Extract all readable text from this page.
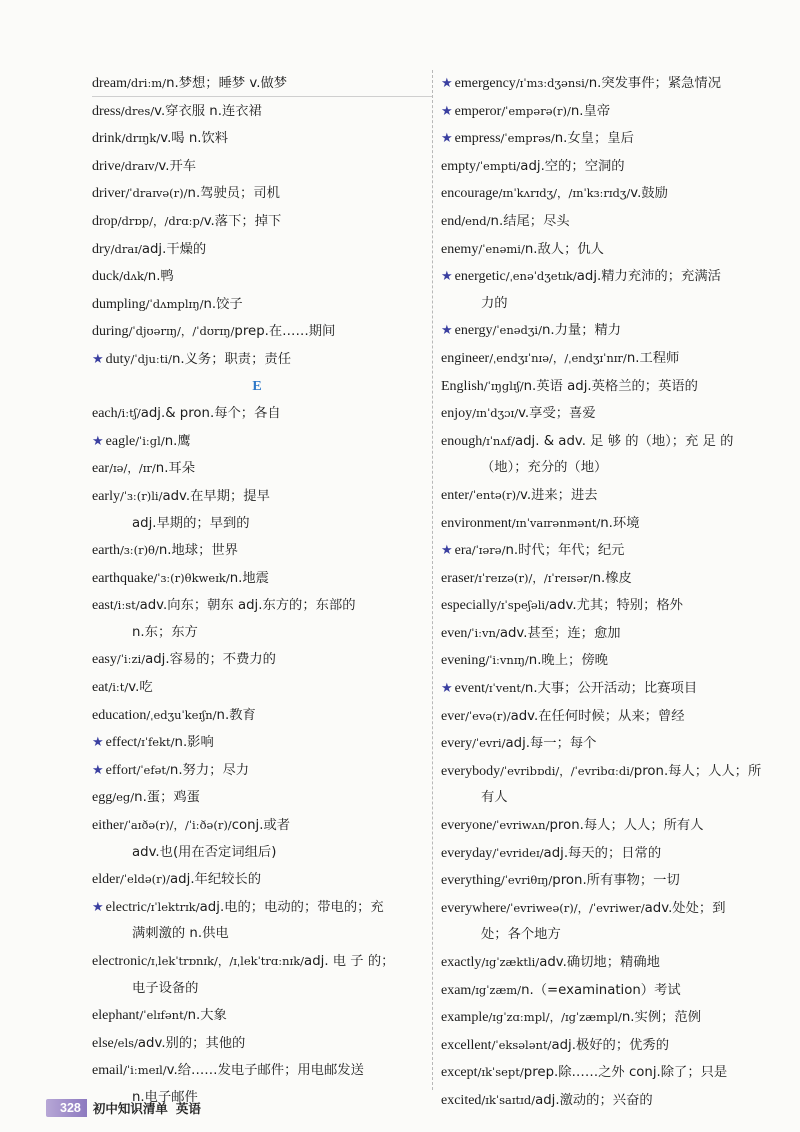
dream/driːm/n.梦想；睡梦 v.做梦
dress/dres/v.穿衣服 n.连衣裙
drink/drɪŋk/v.喝 n.饮料
drive/draɪv/v.开车
driver/ˈdraɪvə(r)/n.驾驶员；司机
drop/drɒp/，/drɑːp/v.落下；掉下
dry/draɪ/adj.干燥的
duck/dʌk/n.鸭
dumpling/ˈdʌmplɪŋ/n.饺子
during/ˈdjʊərɪŋ/，/ˈdʊrɪŋ/prep.在……期间
★ duty/ˈdjuːti/n.义务；职责；责任
E
each/iːtʃ/adj.& pron.每个；各自
★ eagle/ˈiːgl/n.鹰
ear/ɪə/，/ɪr/n.耳朵
early/ˈɜː(r)li/adv.在早期；提早
adj.早期的；早到的
earth/ɜː(r)θ/n.地球；世界
earthquake/ˈɜː(r)θkweɪk/n.地震
east/iːst/adv.向东；朝东 adj.东方的；东部的
n.东；东方
easy/ˈiːzi/adj.容易的；不费力的
eat/iːt/v.吃
education/ˌedʒuˈkeɪʃn/n.教育
★ effect/ɪˈfekt/n.影响
★ effort/ˈefət/n.努力；尽力
egg/eg/n.蛋；鸡蛋
either/ˈaɪðə(r)/，/ˈiːðə(r)/conj.或者
adv.也(用在否定词组后)
elder/ˈeldə(r)/adj.年纪较长的
★ electric/ɪˈlektrɪk/adj.电的；电动的；带电的；充
满刺激的 n.供电
electronic/ɪˌlekˈtrɒnɪk/，/ɪˌlekˈtrɑːnɪk/adj. 电 子 的；
电子设备的
elephant/ˈelɪfənt/n.大象
else/els/adv.别的；其他的
email/ˈiːmeɪl/v.给……发电子邮件；用电邮发送
n.电子邮件
★ emergency/ɪˈmɜːdʒənsi/n.突发事件；紧急情况
★ emperor/ˈempərə(r)/n.皇帝
★ empress/ˈemprəs/n.女皇；皇后
empty/ˈempti/adj.空的；空洞的
encourage/ɪnˈkʌrɪdʒ/，/ɪnˈkɜːrɪdʒ/v.鼓励
end/end/n.结尾；尽头
enemy/ˈenəmi/n.敌人；仇人
★ energetic/ˌenəˈdʒetɪk/adj.精力充沛的；充满活
力的
★ energy/ˈenədʒi/n.力量；精力
engineer/ˌendʒɪˈnɪə/，/ˌendʒɪˈnɪr/n.工程师
English/ˈɪŋglɪʃ/n.英语 adj.英格兰的；英语的
enjoy/ɪnˈdʒɔɪ/v.享受；喜爱
enough/ɪˈnʌf/adj. & adv. 足 够 的（地）；充 足 的
（地）；充分的（地）
enter/ˈentə(r)/v.进来；进去
environment/ɪnˈvaɪrənmənt/n.环境
★ era/ˈɪərə/n.时代；年代；纪元
eraser/ɪˈreɪzə(r)/，/ɪˈreɪsər/n.橡皮
especially/ɪˈspeʃəli/adv.尤其；特别；格外
even/ˈiːvn/adv.甚至；连；愈加
evening/ˈiːvnɪŋ/n.晚上；傍晚
★ event/ɪˈvent/n.大事；公开活动；比赛项目
ever/ˈevə(r)/adv.在任何时候；从来；曾经
every/ˈevri/adj.每一；每个
everybody/ˈevribɒdi/，/ˈevribɑːdi/pron.每人；人人；所
有人
everyone/ˈevriwʌn/pron.每人；人人；所有人
everyday/ˈevrideɪ/adj.每天的；日常的
everything/ˈevriθɪŋ/pron.所有事物；一切
everywhere/ˈevriweə(r)/，/ˈevriwer/adv.处处；到
处；各个地方
exactly/ɪgˈzæktli/adv.确切地；精确地
exam/ɪgˈzæm/n.（=examination）考试
example/ɪgˈzɑːmpl/，/ɪgˈzæmpl/n.实例；范例
excellent/ˈeksələnt/adj.极好的；优秀的
except/ɪkˈsept/prep.除……之外 conj.除了；只是
excited/ɪkˈsaɪtɪd/adj.激动的；兴奋的
328 初中知识清单 英语
